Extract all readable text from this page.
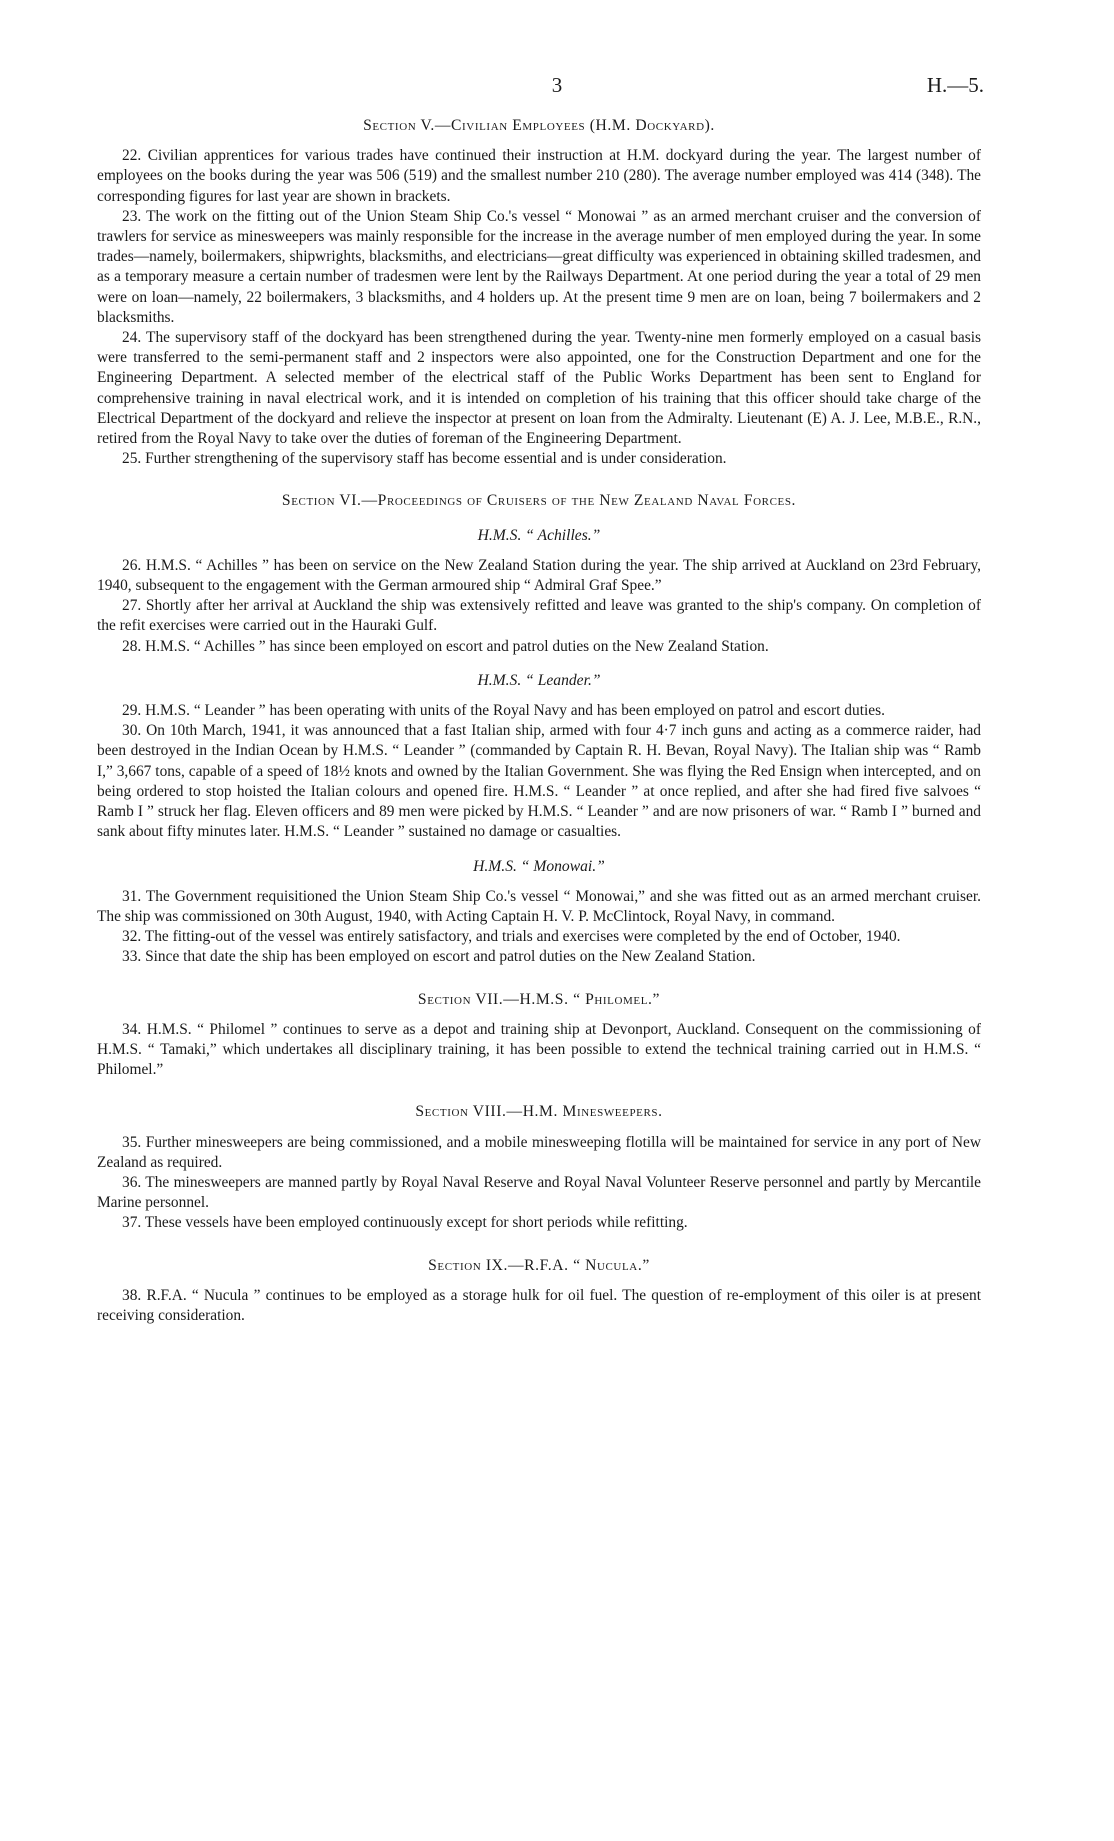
3	H.—5.
Section V.—Civilian Employees (H.M. Dockyard).

22. Civilian apprentices for various trades have continued their instruction at H.M. dockyard during the year. The largest number of employees on the books during the year was 506 (519) and the smallest number 210 (280). The average number employed was 414 (348). The corresponding figures for last year are shown in brackets.

23. The work on the fitting out of the Union Steam Ship Co.'s vessel “ Monowai ” as an armed merchant cruiser and the conversion of trawlers for service as minesweepers was mainly responsible for the increase in the average number of men employed during the year. In some trades—namely, boilermakers, shipwrights, blacksmiths, and electricians—great difficulty was experienced in obtaining skilled tradesmen, and as a temporary measure a certain number of tradesmen were lent by the Railways Department. At one period during the year a total of 29 men were on loan—namely, 22 boilermakers, 3 blacksmiths, and 4 holders up. At the present time 9 men are on loan, being 7 boilermakers and 2 blacksmiths.

24. The supervisory staff of the dockyard has been strengthened during the year. Twenty-nine men formerly employed on a casual basis were transferred to the semi-permanent staff and 2 inspectors were also appointed, one for the Construction Department and one for the Engineering Department. A selected member of the electrical staff of the Public Works Department has been sent to England for comprehensive training in naval electrical work, and it is intended on completion of his training that this officer should take charge of the Electrical Department of the dockyard and relieve the inspector at present on loan from the Admiralty. Lieutenant (E) A. J. Lee, M.B.E., R.N., retired from the Royal Navy to take over the duties of foreman of the Engineering Department.

25. Further strengthening of the supervisory staff has become essential and is under consideration.

Section VI.—Proceedings of Cruisers of the New Zealand Naval Forces.
H.M.S. “ Achilles.”

26. H.M.S. “ Achilles ” has been on service on the New Zealand Station during the year. The ship arrived at Auckland on 23rd February, 1940, subsequent to the engagement with the German armoured ship “ Admiral Graf Spee.”

27. Shortly after her arrival at Auckland the ship was extensively refitted and leave was granted to the ship's company. On completion of the refit exercises were carried out in the Hauraki Gulf.

28. H.M.S. “ Achilles ” has since been employed on escort and patrol duties on the New Zealand Station.

H.M.S. “ Leander.”

29. H.M.S. “ Leander ” has been operating with units of the Royal Navy and has been employed on patrol and escort duties.

30. On 10th March, 1941, it was announced that a fast Italian ship, armed with four 4·7 inch guns and acting as a commerce raider, had been destroyed in the Indian Ocean by H.M.S. “ Leander ” (commanded by Captain R. H. Bevan, Royal Navy). The Italian ship was “ Ramb I,” 3,667 tons, capable of a speed of 18½ knots and owned by the Italian Government. She was flying the Red Ensign when intercepted, and on being ordered to stop hoisted the Italian colours and opened fire. H.M.S. “ Leander ” at once replied, and after she had fired five salvoes “ Ramb I ” struck her flag. Eleven officers and 89 men were picked by H.M.S. “ Leander ” and are now prisoners of war. “ Ramb I ” burned and sank about fifty minutes later. H.M.S. “ Leander ” sustained no damage or casualties.

H.M.S. “ Monowai.”

31. The Government requisitioned the Union Steam Ship Co.'s vessel “ Monowai,” and she was fitted out as an armed merchant cruiser. The ship was commissioned on 30th August, 1940, with Acting Captain H. V. P. McClintock, Royal Navy, in command.

32. The fitting-out of the vessel was entirely satisfactory, and trials and exercises were completed by the end of October, 1940.

33. Since that date the ship has been employed on escort and patrol duties on the New Zealand Station.

Section VII.—H.M.S. “ Philomel.”

34. H.M.S. “ Philomel ” continues to serve as a depot and training ship at Devonport, Auckland. Consequent on the commissioning of H.M.S. “ Tamaki,” which undertakes all disciplinary training, it has been possible to extend the technical training carried out in H.M.S. “ Philomel.”

Section VIII.—H.M. Minesweepers.

35. Further minesweepers are being commissioned, and a mobile minesweeping flotilla will be maintained for service in any port of New Zealand as required.

36. The minesweepers are manned partly by Royal Naval Reserve and Royal Naval Volunteer Reserve personnel and partly by Mercantile Marine personnel.

37. These vessels have been employed continuously except for short periods while refitting.

Section IX.—R.F.A. “ Nucula.”

38. R.F.A. “ Nucula ” continues to be employed as a storage hulk for oil fuel. The question of re-employment of this oiler is at present receiving consideration.
